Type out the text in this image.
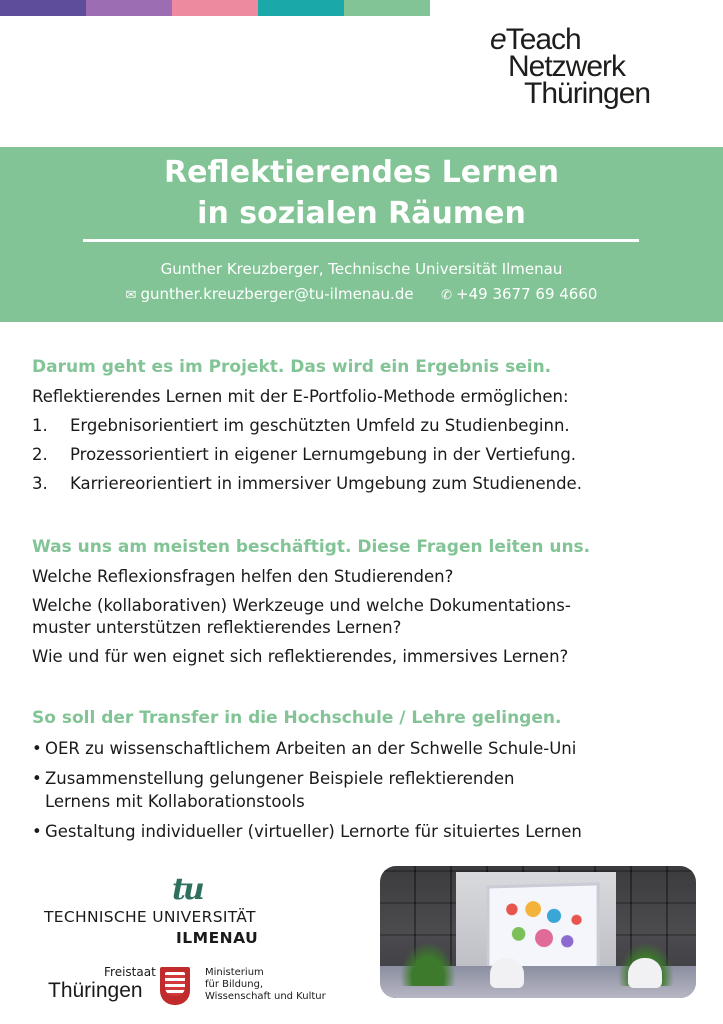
eTeach
Netzwerk
Thüringen
Reflektierendes Lernen
in sozialen Räumen
Gunther Kreuzberger, Technische Universität Ilmenau
✉ gunther.kreuzberger@tu-ilmenau.de ✆ +49 3677 69 4660
Darum geht es im Projekt. Das wird ein Ergebnis sein.

Reflektierendes Lernen mit der E-Portfolio-Methode ermöglichen:

1.	Ergebnisorientiert im geschützten Umfeld zu Studienbeginn.
2.	Prozessorientiert in eigener Lernumgebung in der Vertiefung.
3.	Karriereorientiert in immersiver Umgebung zum Studienende.
Was uns am meisten beschäftigt. Diese Fragen leiten uns.

Welche Reflexionsfragen helfen den Studierenden?

Welche (kollaborativen) Werkzeuge und welche Dokumentations-
muster unterstützen reflektierendes Lernen?

Wie und für wen eignet sich reflektierendes, immersives Lernen?

So soll der Transfer in die Hochschule / Lehre gelingen.
• OER zu wissenschaftlichem Arbeiten an der Schwelle Schule-Uni
• Zusammenstellung gelungener Beispiele reflektierenden
Lernens mit Kollaborationstools
• Gestaltung individueller (virtueller) Lernorte für situiertes Lernen
tu
TECHNISCHE UNIVERSITÄT
ILMENAU
Freistaat
Thüringen
Ministerium
für Bildung,
Wissenschaft und Kultur
